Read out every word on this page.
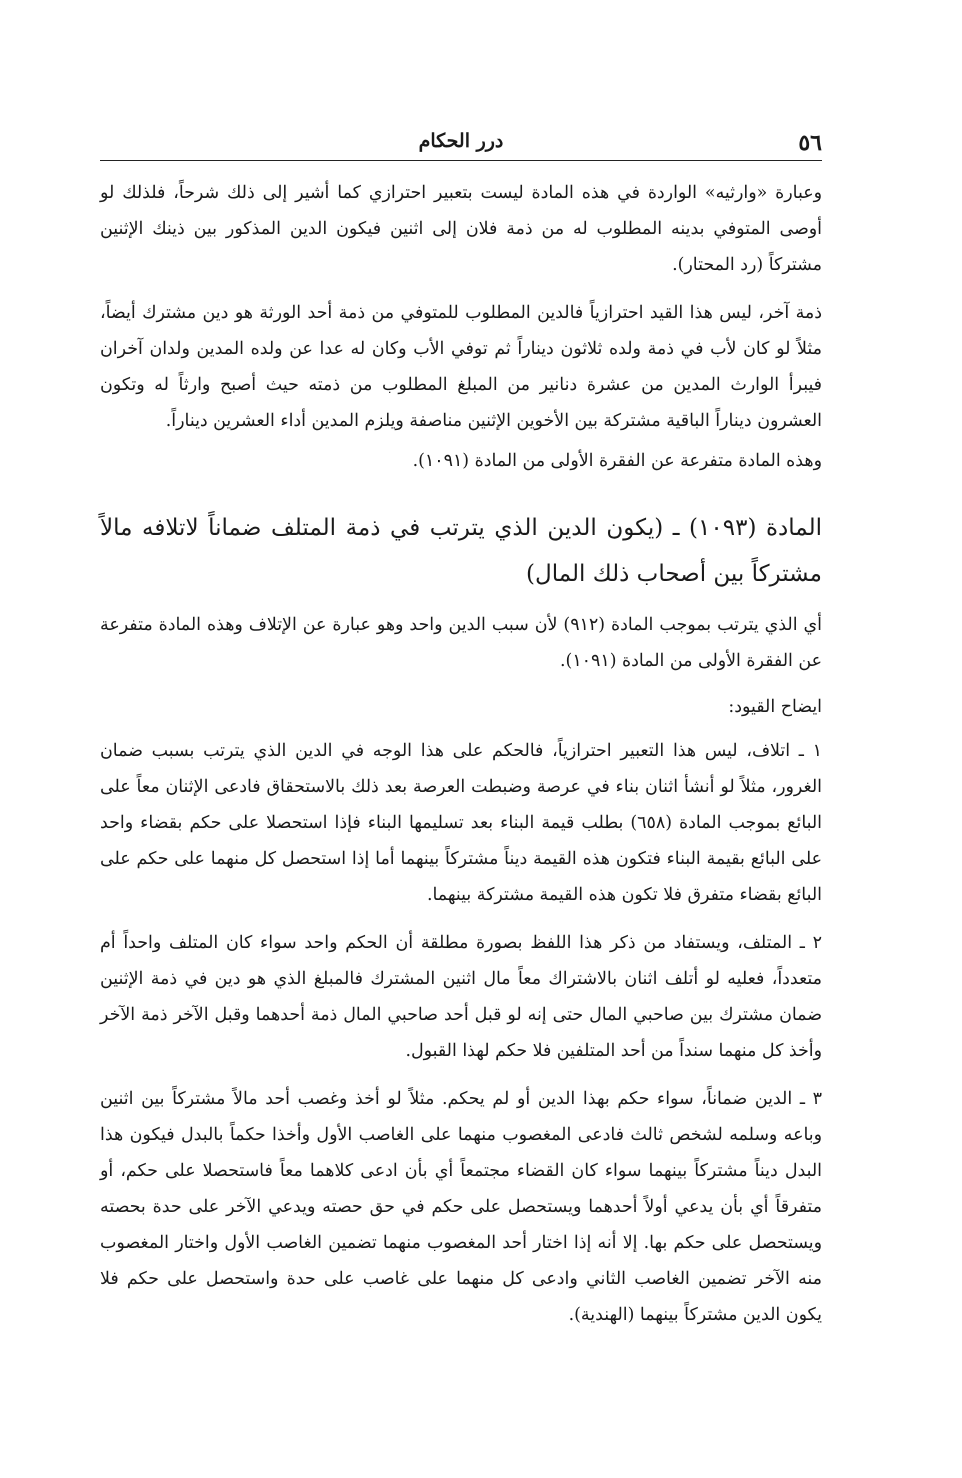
٥٦
درر الحكام

وعبارة «وارثيه» الواردة في هذه المادة ليست بتعبير احترازي كما أشير إلى ذلك شرحاً، فلذلك لو أوصى المتوفي بدينه المطلوب له من ذمة فلان إلى اثنين فيكون الدين المذكور بين ذينك الإثنين مشتركاً (رد المحتار).

ذمة آخر، ليس هذا القيد احترازياً فالدين المطلوب للمتوفي من ذمة أحد الورثة هو دين مشترك أيضاً، مثلاً لو كان لأب في ذمة ولده ثلاثون ديناراً ثم توفي الأب وكان له عدا عن ولده المدين ولدان آخران فيبرأ الوارث المدين من عشرة دنانير من المبلغ المطلوب من ذمته حيث أصبح وارثاً له وتكون العشرون ديناراً الباقية مشتركة بين الأخوين الإثنين مناصفة ويلزم المدين أداء العشرين ديناراً.

وهذه المادة متفرعة عن الفقرة الأولى من المادة (١٠٩١).

المادة (١٠٩٣) ـ (يكون الدين الذي يترتب في ذمة المتلف ضماناً لاتلافه مالاً مشتركاً بين أصحاب ذلك المال)

أي الذي يترتب بموجب المادة (٩١٢) لأن سبب الدين واحد وهو عبارة عن الإتلاف وهذه المادة متفرعة عن الفقرة الأولى من المادة (١٠٩١).

ايضاح القيود:

١ ـ اتلاف، ليس هذا التعبير احترازياً، فالحكم على هذا الوجه في الدين الذي يترتب بسبب ضمان الغرور، مثلاً لو أنشأ اثنان بناء في عرصة وضبطت العرصة بعد ذلك بالاستحقاق فادعى الإثنان معاً على البائع بموجب المادة (٦٥٨) بطلب قيمة البناء بعد تسليمها البناء فإذا استحصلا على حكم بقضاء واحد على البائع بقيمة البناء فتكون هذه القيمة ديناً مشتركاً بينهما أما إذا استحصل كل منهما على حكم على البائع بقضاء متفرق فلا تكون هذه القيمة مشتركة بينهما.

٢ ـ المتلف، ويستفاد من ذكر هذا اللفظ بصورة مطلقة أن الحكم واحد سواء كان المتلف واحداً أم متعدداً، فعليه لو أتلف اثنان بالاشتراك معاً مال اثنين المشترك فالمبلغ الذي هو دين في ذمة الإثنين ضمان مشترك بين صاحبي المال حتى إنه لو قبل أحد صاحبي المال ذمة أحدهما وقبل الآخر ذمة الآخر وأخذ كل منهما سنداً من أحد المتلفين فلا حكم لهذا القبول.

٣ ـ الدين ضماناً، سواء حكم بهذا الدين أو لم يحكم. مثلاً لو أخذ وغصب أحد مالاً مشتركاً بين اثنين وباعه وسلمه لشخص ثالث فادعى المغصوب منهما على الغاصب الأول وأخذا حكماً بالبدل فيكون هذا البدل ديناً مشتركاً بينهما سواء كان القضاء مجتمعاً أي بأن ادعى كلاهما معاً فاستحصلا على حكم، أو متفرقاً أي بأن يدعي أولاً أحدهما ويستحصل على حكم في حق حصته ويدعي الآخر على حدة بحصته ويستحصل على حكم بها. إلا أنه إذا اختار أحد المغصوب منهما تضمين الغاصب الأول واختار المغصوب منه الآخر تضمين الغاصب الثاني وادعى كل منهما على غاصب على حدة واستحصل على حكم فلا يكون الدين مشتركاً بينهما (الهندية).
